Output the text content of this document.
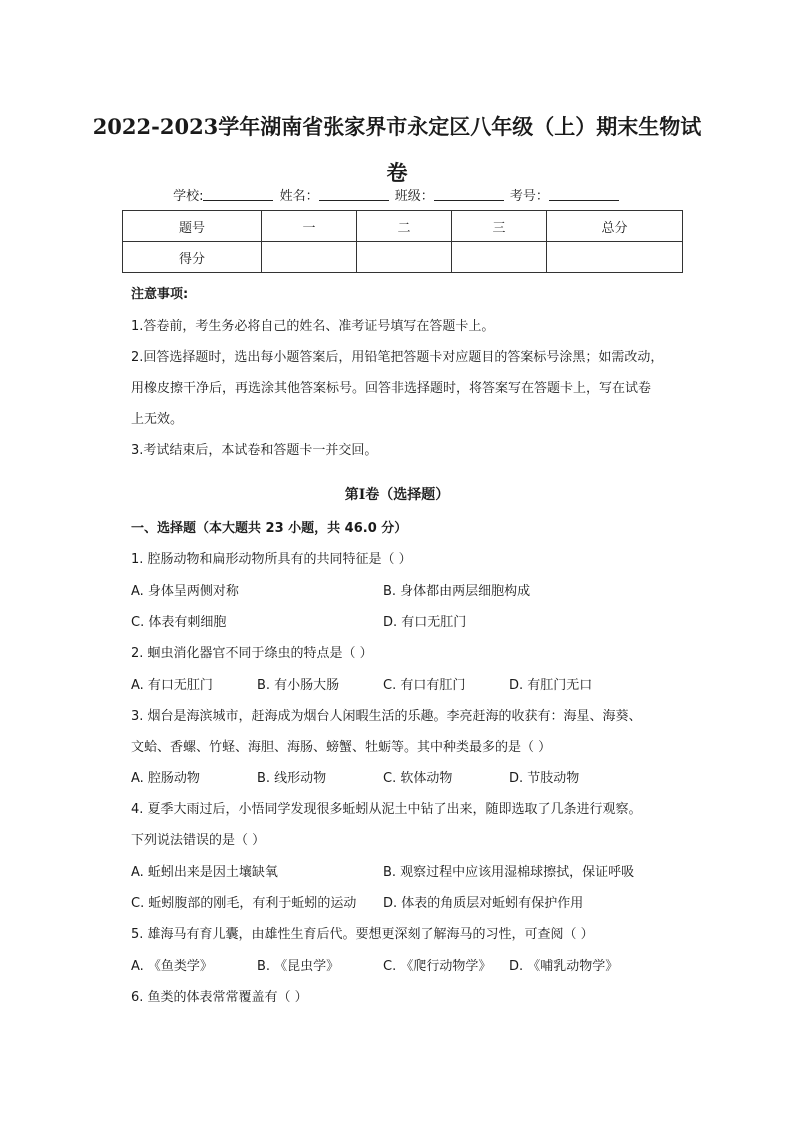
2022-2023学年湖南省张家界市永定区八年级（上）期末生物试
卷
学校:	姓名：	班级：	考号：
题号	一	二	三	总分
得分				
注意事项:
1.答卷前，考生务必将自己的姓名、准考证号填写在答题卡上。
2.回答选择题时，选出每小题答案后，用铅笔把答题卡对应题目的答案标号涂黑；如需改动，
用橡皮擦干净后，再选涂其他答案标号。回答非选择题时，将答案写在答题卡上，写在试卷
上无效。
3.考试结束后，本试卷和答题卡一并交回。
第Ⅰ卷（选择题）
一、选择题（本大题共 23 小题，共 46.0 分）
1. 腔肠动物和扁形动物所具有的共同特征是（ ）
A. 身体呈两侧对称	B. 身体都由两层细胞构成
C. 体表有刺细胞	D. 有口无肛门
2. 蛔虫消化器官不同于绦虫的特点是（ ）
A. 有口无肛门	B. 有小肠大肠	C. 有口有肛门	D. 有肛门无口
3. 烟台是海滨城市，赶海成为烟台人闲暇生活的乐趣。李亮赶海的收获有：海星、海葵、
文蛤、香螺、竹蛏、海胆、海肠、螃蟹、牡蛎等。其中种类最多的是（ ）
A. 腔肠动物	B. 线形动物	C. 软体动物	D. 节肢动物
4. 夏季大雨过后，小悟同学发现很多蚯蚓从泥土中钻了出来，随即选取了几条进行观察。
下列说法错误的是（ ）
A. 蚯蚓出来是因土壤缺氧	B. 观察过程中应该用湿棉球擦拭，保证呼吸
C. 蚯蚓腹部的刚毛，有利于蚯蚓的运动 D. 体表的角质层对蚯蚓有保护作用
5. 雄海马有育儿囊，由雄性生育后代。要想更深刻了解海马的习性，可查阅（ ）
A. 《鱼类学》	B. 《昆虫学》	C. 《爬行动物学》 D. 《哺乳动物学》
6. 鱼类的体表常常覆盖有（ ）
